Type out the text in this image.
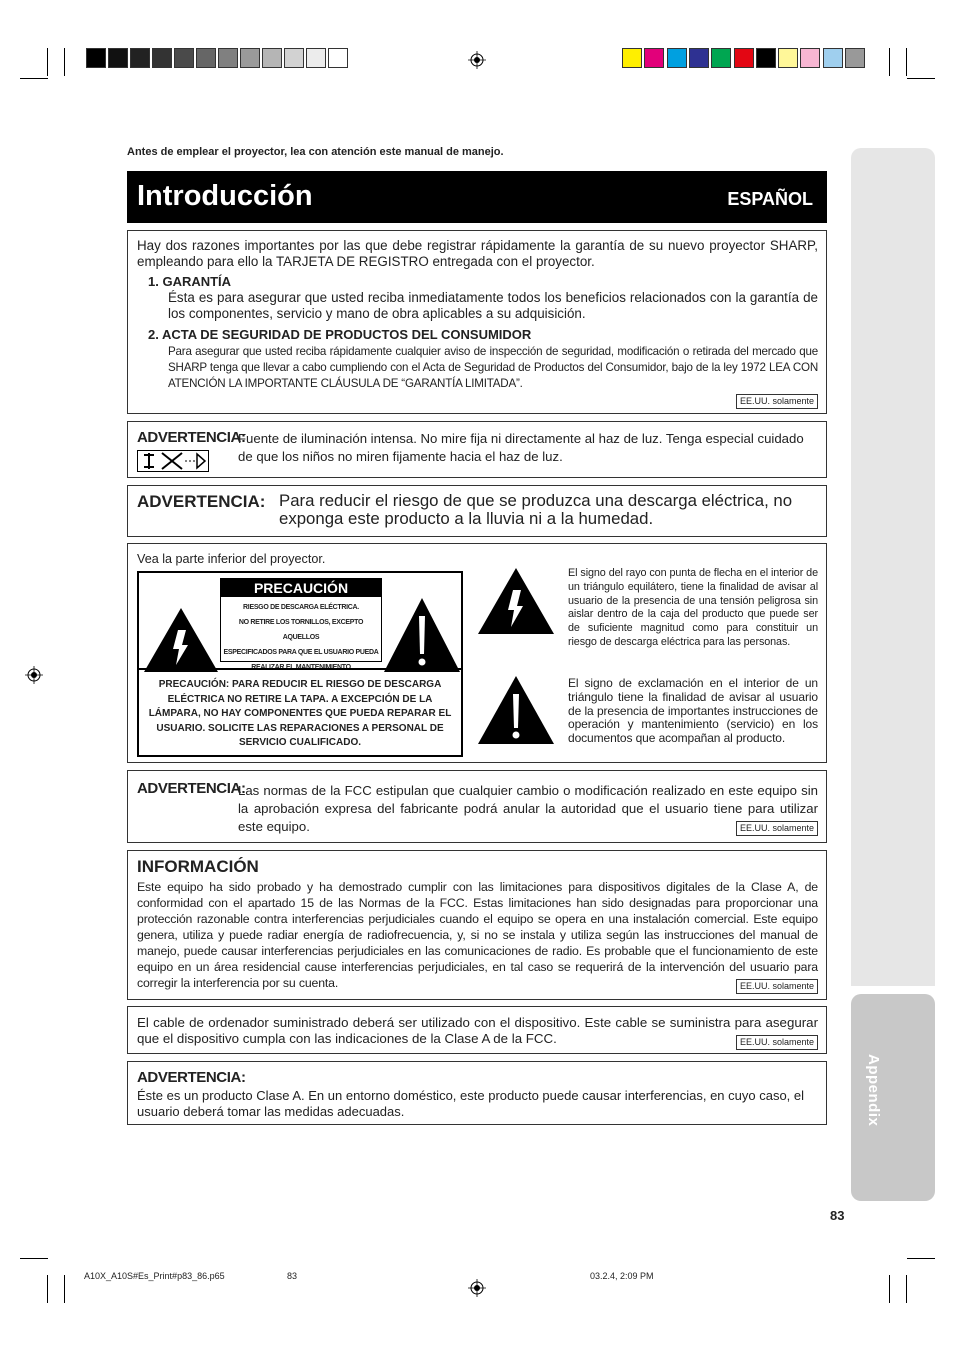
Appendix
Antes de emplear el proyector, lea con atención este manual de manejo.
Introducción	ESPAÑOL
Hay dos razones importantes por las que debe registrar rápidamente la garantía de su nuevo proyector SHARP, empleando para ello la TARJETA DE REGISTRO entregada con el proyector.
1. GARANTÍA
Ésta es para asegurar que usted reciba inmediatamente todos los beneficios relacionados con la garantía de los componentes, servicio y mano de obra aplicables a su adquisición.
2. ACTA DE SEGURIDAD DE PRODUCTOS DEL CONSUMIDOR
Para asegurar que usted reciba rápidamente cualquier aviso de inspección de seguridad, modificación o retirada del mercado que SHARP tenga que llevar a cabo cumpliendo con el Acta de Seguridad de Productos del Consumidor, bajo de la ley 1972 LEA CON ATENCIÓN LA IMPORTANTE CLÁUSULA DE “GARANTÍA LIMITADA”.
EE.UU. solamente
ADVERTENCIA:
Fuente de iluminación intensa. No mire fija ni directamente al haz de luz. Tenga especial cuidado de que los niños no miren fijamente hacia el haz de luz.
ADVERTENCIA: Para reducir el riesgo de que se produzca una descarga eléctrica, no exponga este producto a la lluvia ni a la humedad.
Vea la parte inferior del proyector.
PRECAUCIÓN
RIESGO DE DESCARGA ELÉCTRICA.
NO RETIRE LOS TORNILLOS, EXCEPTO AQUELLOS
ESPECIFICADOS PARA QUE EL USUARIO PUEDA
PRECAUCIÓN: PARA REDUCIR EL RIESGO DE DESCARGA ELÉCTRICA NO RETIRE LA TAPA. A EXCEPCIÓN DE LA LÁMPARA, NO HAY COMPONENTES QUE PUEDA REPARAR EL USUARIO. SOLICITE LAS REPARACIONES A PERSONAL DE SERVICIO CUALIFICADO.
El signo del rayo con punta de flecha en el interior de un triángulo equilátero, tiene la finalidad de avisar al usuario de la presencia de una tensión peligrosa sin aislar dentro de la caja del producto que puede ser de suficiente magnitud como para constituir un riesgo de descarga eléctrica para las personas.
El signo de exclamación en el interior de un triángulo tiene la finalidad de avisar al usuario de la presencia de importantes instrucciones de operación y mantenimiento (servicio) en los documentos que acompañan al producto.
ADVERTENCIA:
Las normas de la FCC estipulan que cualquier cambio o modificación realizado en este equipo sin la aprobación expresa del fabricante podrá anular la autoridad que el usuario tiene para utilizar este equipo.	EE.UU. solamente
INFORMACIÓN
Este equipo ha sido probado y ha demostrado cumplir con las limitaciones para dispositivos digitales de la Clase A, de conformidad con el apartado 15 de las Normas de la FCC. Estas limitaciones han sido designadas para proporcionar una protección razonable contra interferencias perjudiciales cuando el equipo se opera en una instalación comercial. Este equipo genera, utiliza y puede radiar energía de radiofrecuencia, y, si no se instala y utiliza según las instrucciones del manual de manejo, puede causar interferencias perjudiciales en las comunicaciones de radio. Es probable que el funcionamiento de este equipo en un área residencial cause interferencias perjudiciales, en tal caso se requerirá de la intervención del usuario para corregir la interferencia por su cuenta.	EE.UU. solamente
El cable de ordenador suministrado deberá ser utilizado con el dispositivo. Este cable se suministra para asegurar que el dispositivo cumpla con las indicaciones de la Clase A de la FCC.	EE.UU. solamente
ADVERTENCIA:
Éste es un producto Clase A. En un entorno doméstico, este producto puede causar interferencias, en cuyo caso, el usuario deberá tomar las medidas adecuadas.
83
A10X_A10S#Es_Print#p83_86.p65	83	03.2.4, 2:09 PM
